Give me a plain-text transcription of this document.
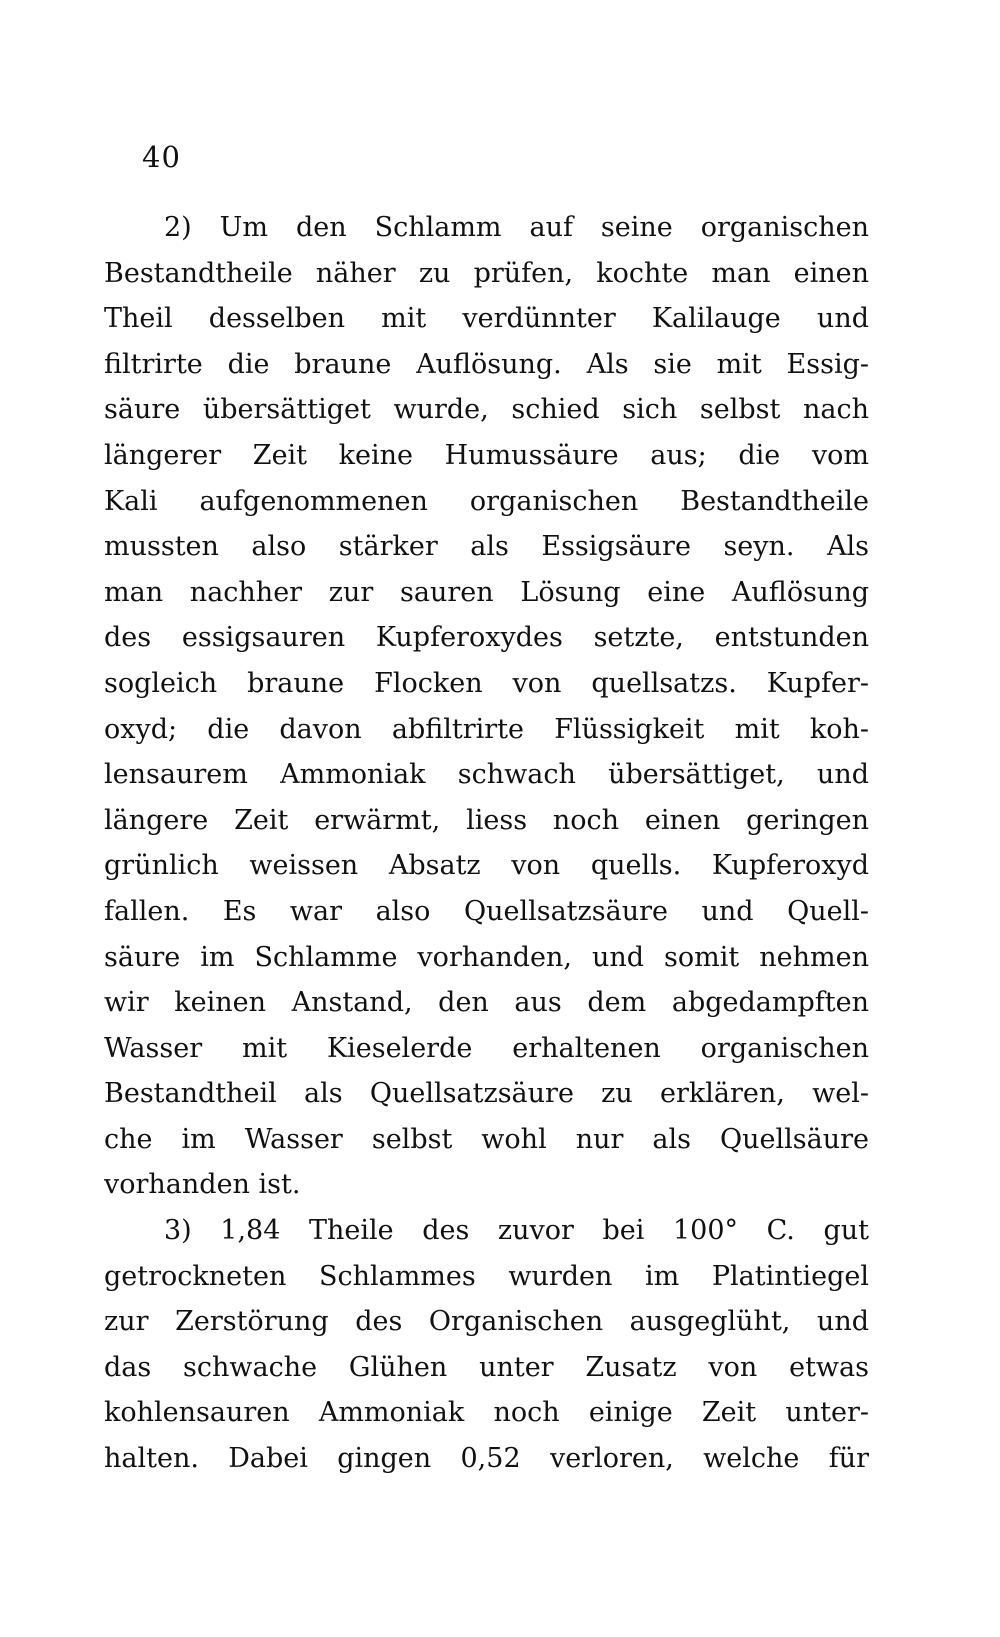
40
2) Um den Schlamm auf seine organischen
Bestandtheile näher zu prüfen, kochte man einen
Theil desselben mit verdünnter Kalilauge und
filtrirte die braune Auflösung. Als sie mit Essig-
säure übersättiget wurde, schied sich selbst nach
längerer Zeit keine Humussäure aus; die vom
Kali aufgenommenen organischen Bestandtheile
mussten also stärker als Essigsäure seyn. Als
man nachher zur sauren Lösung eine Auflösung
des essigsauren Kupferoxydes setzte, entstunden
sogleich braune Flocken von quellsatzs. Kupfer-
oxyd; die davon abfiltrirte Flüssigkeit mit koh-
lensaurem Ammoniak schwach übersättiget, und
längere Zeit erwärmt, liess noch einen geringen
grünlich weissen Absatz von quells. Kupferoxyd
fallen. Es war also Quellsatzsäure und Quell-
säure im Schlamme vorhanden, und somit nehmen
wir keinen Anstand, den aus dem abgedampften
Wasser mit Kieselerde erhaltenen organischen
Bestandtheil als Quellsatzsäure zu erklären, wel-
che im Wasser selbst wohl nur als Quellsäure
vorhanden ist.
3) 1,84 Theile des zuvor bei 100° C. gut
getrockneten Schlammes wurden im Platintiegel
zur Zerstörung des Organischen ausgeglüht, und
das schwache Glühen unter Zusatz von etwas
kohlensauren Ammoniak noch einige Zeit unter-
halten. Dabei gingen 0,52 verloren, welche für
